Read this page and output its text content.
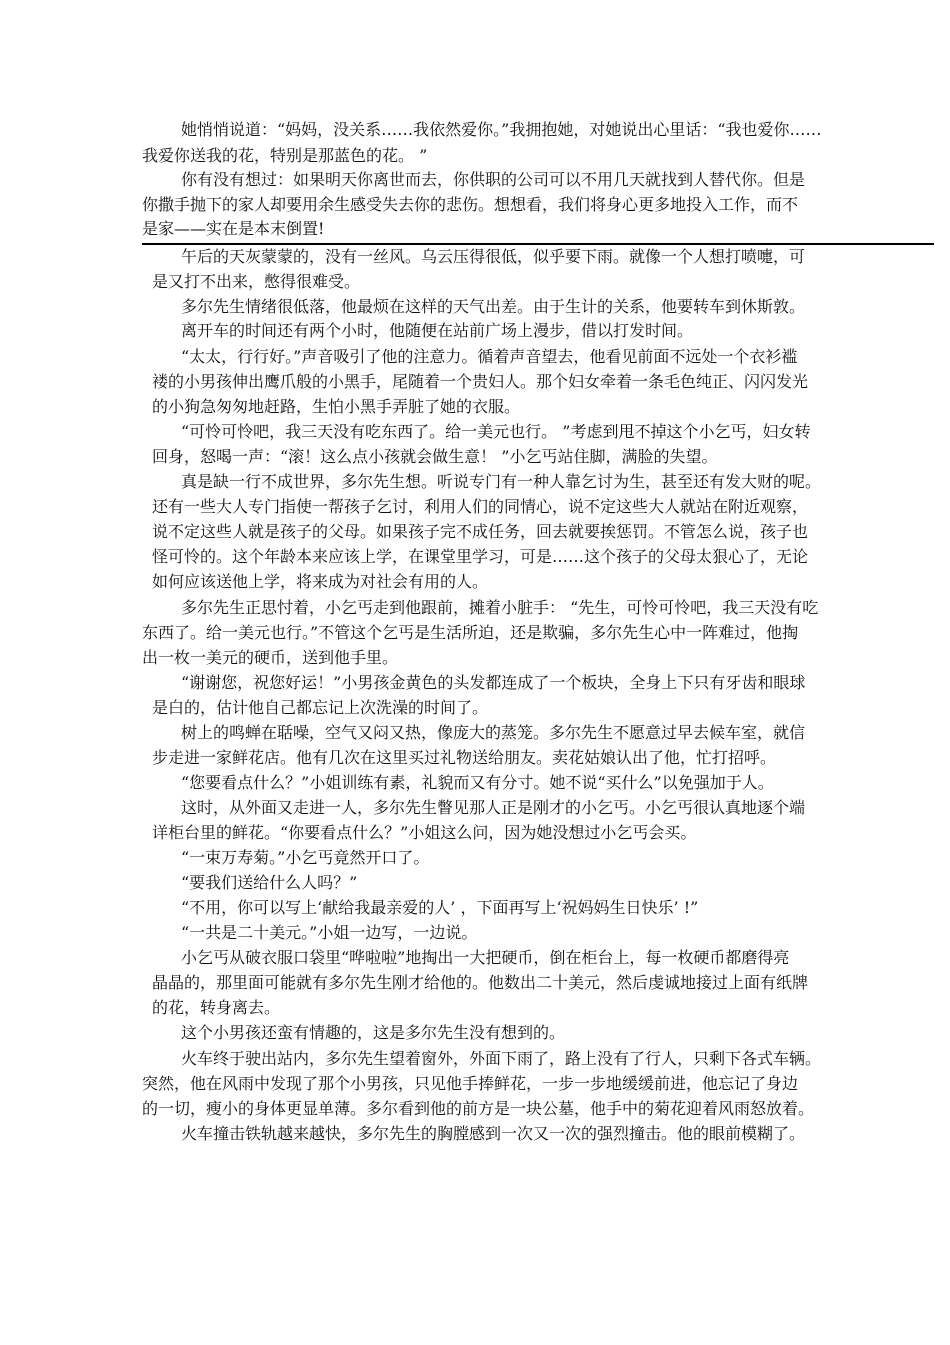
她悄悄说道：“妈妈，没关系……我依然爱你。”我拥抱她，对她说出心里话：“我也爱你……
我爱你送我的花，特别是那蓝色的花。 ”
你有没有想过：如果明天你离世而去，你供职的公司可以不用几天就找到人替代你。但是
你撒手抛下的家人却要用余生感受失去你的悲伤。想想看，我们将身心更多地投入工作，而不
是家——实在是本末倒置!
午后的天灰蒙蒙的，没有一丝风。乌云压得很低，似乎要下雨。就像一个人想打喷嚏，可
是又打不出来，憋得很难受。
多尔先生情绪很低落，他最烦在这样的天气出差。由于生计的关系，他要转车到休斯敦。
离开车的时间还有两个小时，他随便在站前广场上漫步，借以打发时间。
“太太，行行好。”声音吸引了他的注意力。循着声音望去，他看见前面不远处一个衣衫褴
褛的小男孩伸出鹰爪般的小黑手，尾随着一个贵妇人。那个妇女牵着一条毛色纯正、闪闪发光
的小狗急匆匆地赶路，生怕小黑手弄脏了她的衣服。
“可怜可怜吧，我三天没有吃东西了。给一美元也行。 ”考虑到甩不掉这个小乞丐，妇女转
回身，怒喝一声：“滚！这么点小孩就会做生意！ ”小乞丐站住脚，满脸的失望。
真是缺一行不成世界，多尔先生想。听说专门有一种人靠乞讨为生，甚至还有发大财的呢。
还有一些大人专门指使一帮孩子乞讨，利用人们的同情心，说不定这些大人就站在附近观察，
说不定这些人就是孩子的父母。如果孩子完不成任务，回去就要挨惩罚。不管怎么说，孩子也
怪可怜的。这个年龄本来应该上学，在课堂里学习，可是……这个孩子的父母太狠心了，无论
如何应该送他上学，将来成为对社会有用的人。
多尔先生正思忖着，小乞丐走到他跟前，摊着小脏手： “先生，可怜可怜吧，我三天没有吃
东西了。给一美元也行。”不管这个乞丐是生活所迫，还是欺骗，多尔先生心中一阵难过，他掏
出一枚一美元的硬币，送到他手里。
“谢谢您，祝您好运！”小男孩金黄色的头发都连成了一个板块，全身上下只有牙齿和眼球
是白的，估计他自己都忘记上次洗澡的时间了。
树上的鸣蝉在聒噪，空气又闷又热，像庞大的蒸笼。多尔先生不愿意过早去候车室，就信
步走进一家鲜花店。他有几次在这里买过礼物送给朋友。卖花姑娘认出了他，忙打招呼。
“您要看点什么？”小姐训练有素，礼貌而又有分寸。她不说“买什么”以免强加于人。
这时，从外面又走进一人，多尔先生瞥见那人正是刚才的小乞丐。小乞丐很认真地逐个端
详柜台里的鲜花。“你要看点什么？”小姐这么问，因为她没想过小乞丐会买。
“一束万寿菊。”小乞丐竟然开口了。
“要我们送给什么人吗？”
“不用，你可以写上‘献给我最亲爱的人’ ，下面再写上‘祝妈妈生日快乐’ !”
“一共是二十美元。”小姐一边写，一边说。
小乞丐从破衣服口袋里“哗啦啦”地掏出一大把硬币，倒在柜台上，每一枚硬币都磨得亮
晶晶的，那里面可能就有多尔先生刚才给他的。他数出二十美元，然后虔诚地接过上面有纸牌
的花，转身离去。
这个小男孩还蛮有情趣的，这是多尔先生没有想到的。
火车终于驶出站内，多尔先生望着窗外，外面下雨了，路上没有了行人，只剩下各式车辆。
突然，他在风雨中发现了那个小男孩，只见他手捧鲜花，一步一步地缓缓前进，他忘记了身边
的一切，瘦小的身体更显单薄。多尔看到他的前方是一块公墓，他手中的菊花迎着风雨怒放着。
火车撞击铁轨越来越快，多尔先生的胸膛感到一次又一次的强烈撞击。他的眼前模糊了。
